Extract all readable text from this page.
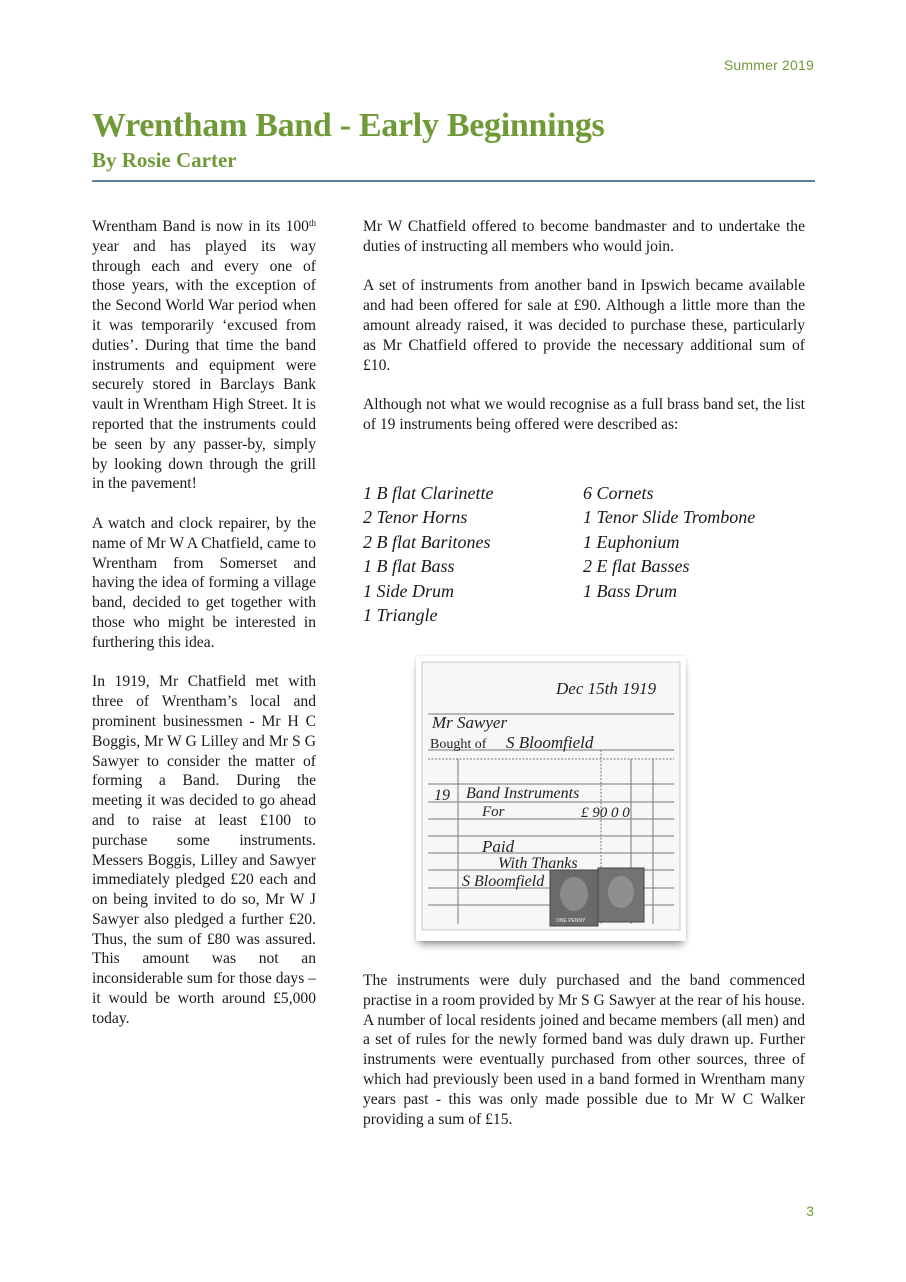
Summer 2019
Wrentham Band - Early Beginnings
By Rosie Carter

Wrentham Band is now in its 100th year and has played its way through each and every one of those years, with the exception of the Second World War period when it was temporarily ‘excused from duties’. During that time the band instruments and equipment were securely stored in Barclays Bank vault in Wrentham High Street. It is reported that the instruments could be seen by any passer-by, simply by looking down through the grill in the pavement!

A watch and clock repairer, by the name of Mr W A Chatfield, came to Wrentham from Somerset and having the idea of forming a village band, decided to get together with those who might be interested in furthering this idea.

In 1919, Mr Chatfield met with three of Wrentham’s local and prominent businessmen - Mr H C Boggis, Mr W G Lilley and Mr S G Sawyer to consider the matter of forming a Band. During the meeting it was decided to go ahead and to raise at least £100 to purchase some instruments. Messers Boggis, Lilley and Sawyer immediately pledged £20 each and on being invited to do so, Mr W J Sawyer also pledged a further £20. Thus, the sum of £80 was assured. This amount was not an inconsiderable sum for those days – it would be worth around £5,000 today.

Mr W Chatfield offered to become bandmaster and to undertake the duties of instructing all members who would join.

A set of instruments from another band in Ipswich became available and had been offered for sale at £90. Although a little more than the amount already raised, it was decided to purchase these, particularly as Mr Chatfield offered to provide the necessary additional sum of £10.

Although not what we would recognise as a full brass band set, the list of 19 instruments being offered were described as:

1 B flat Clarinette	6 Cornets
2 Tenor Horns	1 Tenor Slide Trombone
2 B flat Baritones	1 Euphonium
1 B flat Bass	2 E flat Basses
1 Side Drum	1 Bass Drum
1 Triangle
ONE PENNY
Dec 15th 1919
Mr Sawyer
Bought of S Bloomfield
19 Band Instruments
For	£ 90 0 0
Paid
With Thanks
S Bloomfield
The instruments were duly purchased and the band commenced practise in a room provided by Mr S G Sawyer at the rear of his house. A number of local residents joined and became members (all men) and a set of rules for the newly formed band was duly drawn up. Further instruments were eventually purchased from other sources, three of which had previously been used in a band formed in Wrentham many years past - this was only made possible due to Mr W C Walker providing a sum of £15.
3
